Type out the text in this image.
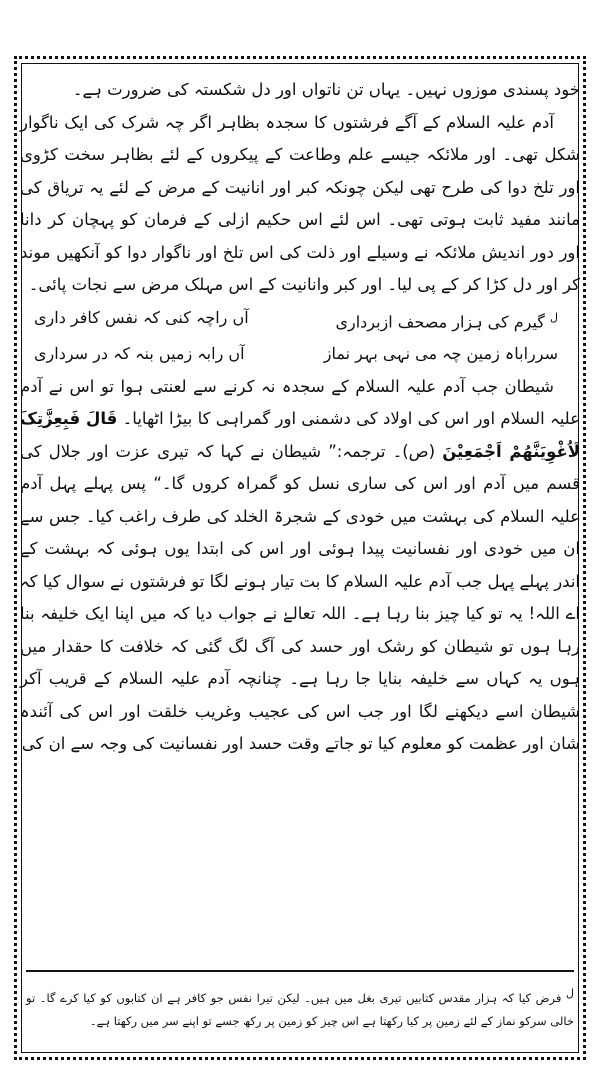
خود پسندی موزوں نہیں۔ یہاں تن ناتواں اور دل شکستہ کی ضرورت ہے۔

آدم علیہ السلام کے آگے فرشتوں کا سجدہ بظاہر اگر چہ شرک کی ایک ناگوار شکل تھی۔ اور ملائکہ جیسے علم وطاعت کے پیکروں کے لئے بظاہر سخت کڑوی اور تلخ دوا کی طرح تھی لیکن چونکہ کبر اور انانیت کے مرض کے لئے یہ تریاق کی مانند مفید ثابت ہوتی تھی۔ اس لئے اس حکیم ازلی کے فرمان کو پہچان کر دانا اور دور اندیش ملائکہ نے وسیلے اور ذلت کی اس تلخ اور ناگوار دوا کو آنکھیں موند کر اور دل کڑا کر کے پی لیا۔ اور کبر وانانیت کے اس مہلک مرض سے نجات پائی۔

$^ل$ گیرم کی ہزار مصحف ازبرداری
آں راچہ کنی کہ نفس کافر داری
سرراباہ زمین چہ می نہی بہر نماز
آں رابہ زمیں بنہ کہ در سرداری

شیطان جب آدم علیہ السلام کے سجدہ نہ کرنے سے لعنتی ہوا تو اس نے آدم علیہ السلام اور اس کی اولاد کی دشمنی اور گمراہی کا بیڑا اٹھایا۔ قَالَ فَبِعِزَّتِکَ لَاُغْوِیَنَّھُمْ اَجْمَعِیْنَ (ص)۔ ترجمہ:” شیطان نے کہا کہ تیری عزت اور جلال کی قسم میں آدم اور اس کی ساری نسل کو گمراہ کروں گا۔“ پس پہلے پہل آدم علیہ السلام کی بہشت میں خودی کے شجرۃ الخلد کی طرف راغب کیا۔ جس سے ان میں خودی اور نفسانیت پیدا ہوئی اور اس کی ابتدا یوں ہوئی کہ بہشت کے اندر پہلے پہل جب آدم علیہ السلام کا بت تیار ہونے لگا تو فرشتوں نے سوال کیا کہ اے اللہ! یہ تو کیا چیز بنا رہا ہے۔ اللہ تعالےٰ نے جواب دیا کہ میں اپنا ایک خلیفہ بنا رہا ہوں تو شیطان کو رشک اور حسد کی آگ لگ گئی کہ خلافت کا حقدار میں ہوں یہ کہاں سے خلیفہ بنایا جا رہا ہے۔ چنانچہ آدم علیہ السلام کے قریب آکر شیطان اسے دیکھنے لگا اور جب اس کی عجیب وغریب خلقت اور اس کی آئندہ شان اور عظمت کو معلوم کیا تو جاتے وقت حسد اور نفسانیت کی وجہ سے ان کی

ل فرض کیا کہ ہزار مقدس کتابیں تیری بغل میں ہیں۔ لیکن تیرا نفس جو کافر ہے ان کتابوں کو کیا کرے گا۔ تو خالی سرکو نماز کے لئے زمین پر کیا رکھتا ہے اس چیز کو زمین پر رکھ جسے تو اپنے سر میں رکھتا ہے۔
